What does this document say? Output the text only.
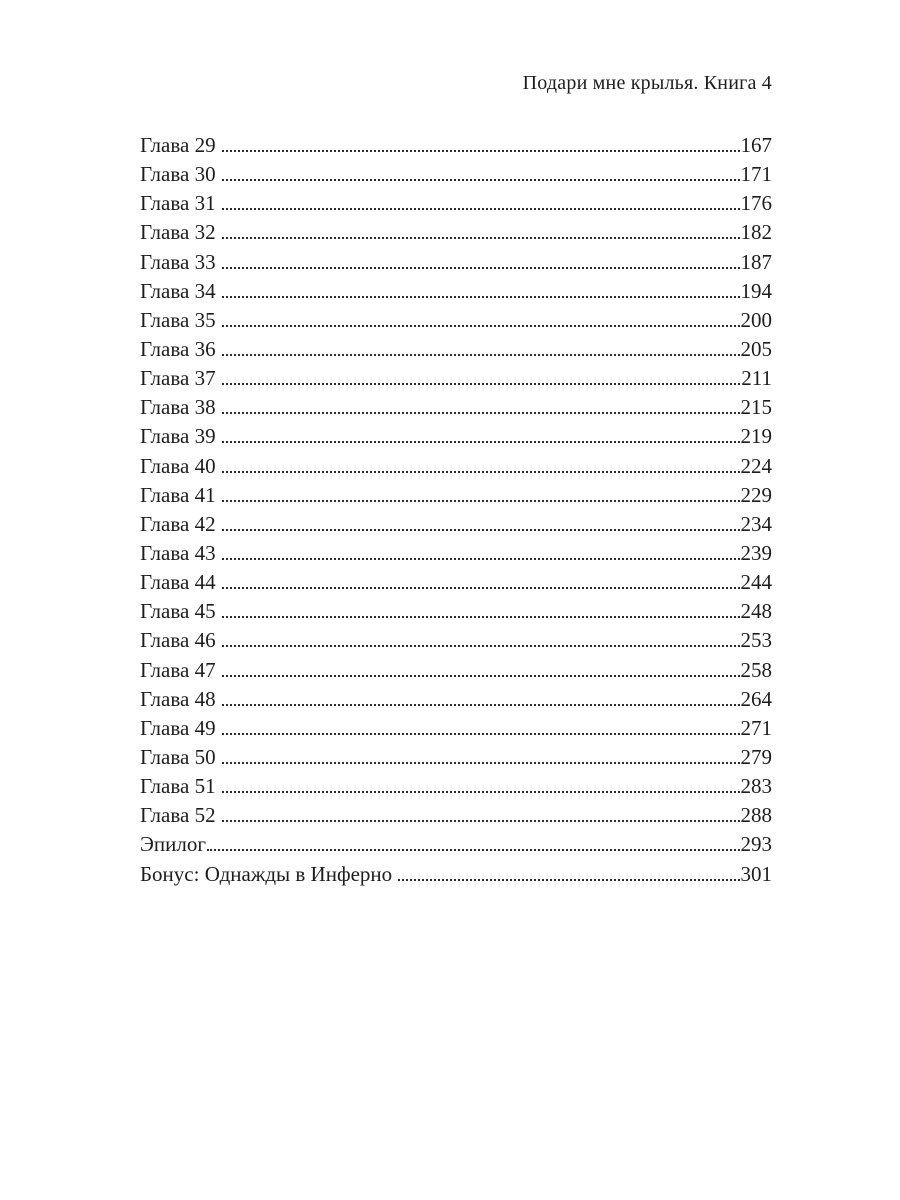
Подари мне крылья. Книга 4
Глава 29	167
Глава 30	171
Глава 31	176
Глава 32	182
Глава 33	187
Глава 34	194
Глава 35	200
Глава 36	205
Глава 37	211
Глава 38	215
Глава 39	219
Глава 40	224
Глава 41	229
Глава 42	234
Глава 43	239
Глава 44	244
Глава 45	248
Глава 46	253
Глава 47	258
Глава 48	264
Глава 49	271
Глава 50	279
Глава 51	283
Глава 52	288
Эпилог	293
Бонус: Однажды в Инферно	301
